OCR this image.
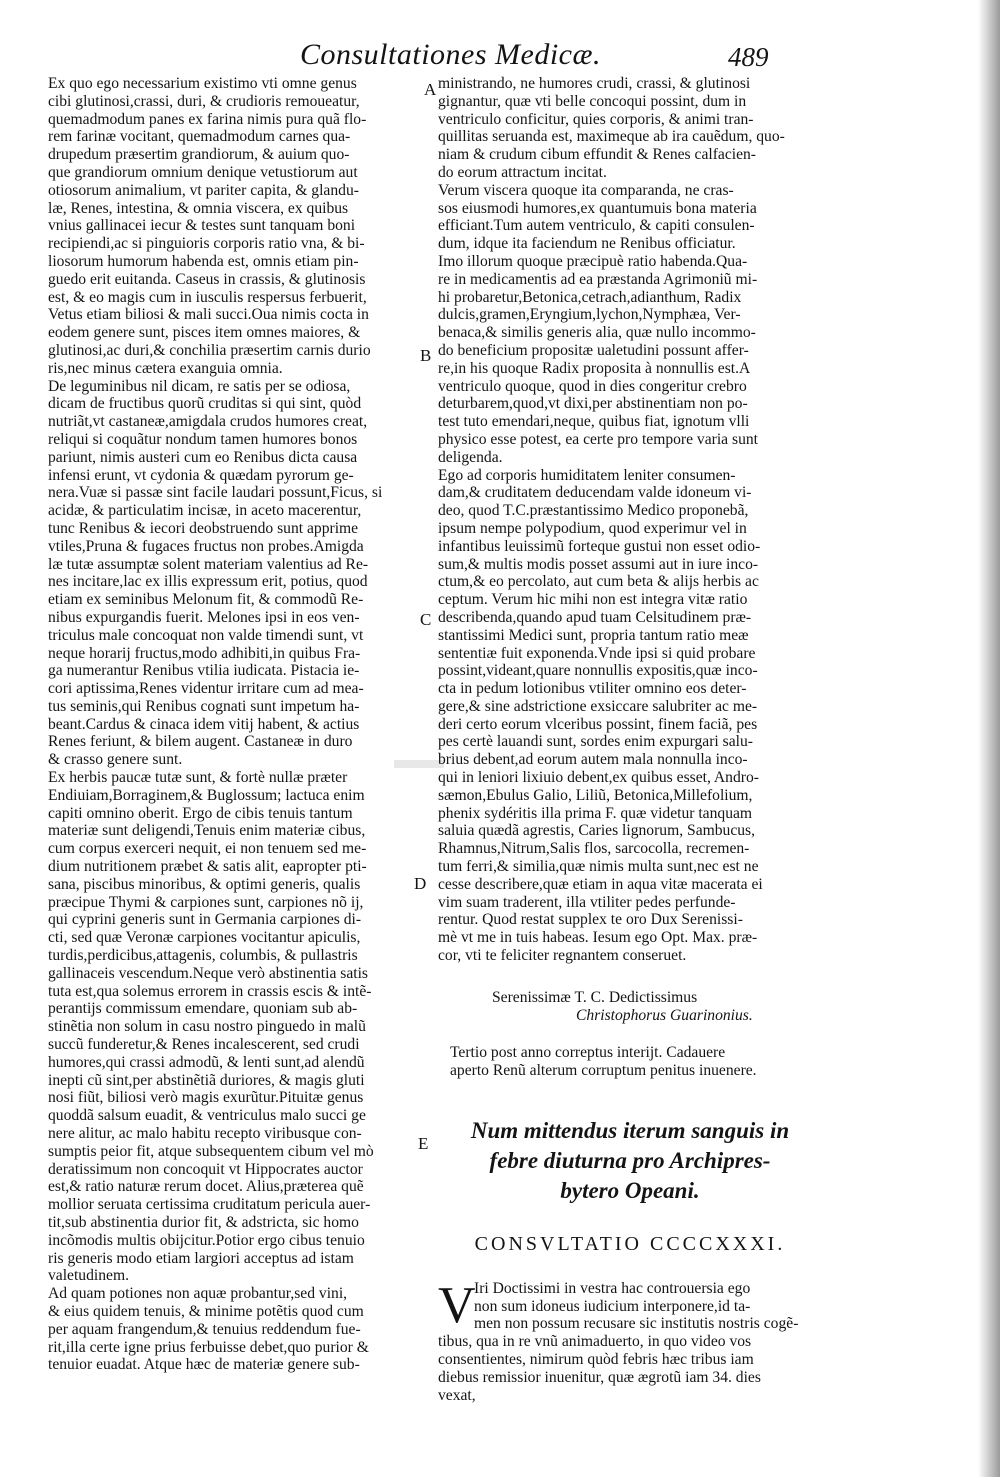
Consultationes Medicæ.	489
A
B
C
D
E
Ex quo ego necessarium existimo vti omne genus
cibi glutinosi,crassi, duri, & crudioris remoueatur,
quemadmodum panes ex farina nimis pura quã flo-
rem farinæ vocitant, quemadmodum carnes qua-
drupedum præsertim grandiorum, & auium quo-
que grandiorum omnium denique vetustiorum aut
otiosorum animalium, vt pariter capita, & glandu-
læ, Renes, intestina, & omnia viscera, ex quibus
vnius gallinacei iecur & testes sunt tanquam boni
recipiendi,ac si pinguioris corporis ratio vna, & bi-
liosorum humorum habenda est, omnis etiam pin-
guedo erit euitanda. Caseus in crassis, & glutinosis
est, & eo magis cum in iusculis respersus ferbuerit,
Vetus etiam biliosi & mali succi.Oua nimis cocta in
eodem genere sunt, pisces item omnes maiores, &
glutinosi,ac duri,& conchilia præsertim carnis durio
ris,nec minus cætera exanguia omnia.
De leguminibus nil dicam, re satis per se odiosa,
dicam de fructibus quorũ cruditas si qui sint, quòd
nutriãt,vt castaneæ,amigdala crudos humores creat,
reliqui si coquãtur nondum tamen humores bonos
pariunt, nimis austeri cum eo Renibus dicta causa
infensi erunt, vt cydonia & quædam pyrorum ge-
nera.Vuæ si passæ sint facile laudari possunt,Ficus, si
acidæ, & particulatim incisæ, in aceto macerentur,
tunc Renibus & iecori deobstruendo sunt apprime
vtiles,Pruna & fugaces fructus non probes.Amigda
læ tutæ assumptæ solent materiam valentius ad Re-
nes incitare,lac ex illis expressum erit, potius, quod
etiam ex seminibus Melonum fit, & commodũ Re-
nibus expurgandis fuerit. Melones ipsi in eos ven-
triculus male concoquat non valde timendi sunt, vt
neque horarij fructus,modo adhibiti,in quibus Fra-
ga numerantur Renibus vtilia iudicata. Pistacia ie-
cori aptissima,Renes videntur irritare cum ad mea-
tus seminis,qui Renibus cognati sunt impetum ha-
beant.Cardus & cinaca idem vitij habent, & actius
Renes feriunt, & bilem augent. Castaneæ in duro
& crasso genere sunt.
Ex herbis paucæ tutæ sunt, & fortè nullæ præter
Endiuiam,Borraginem,& Buglossum; lactuca enim
capiti omnino oberit. Ergo de cibis tenuis tantum
materiæ sunt deligendi,Tenuis enim materiæ cibus,
cum corpus exerceri nequit, ei non tenuem sed me-
dium nutritionem præbet & satis alit, eapropter pti-
sana, piscibus minoribus, & optimi generis, qualis
præcipue Thymi & carpiones sunt, carpiones nõ ij,
qui cyprini generis sunt in Germania carpiones di-
cti, sed quæ Veronæ carpiones vocitantur apiculis,
turdis,perdicibus,attagenis, columbis, & pullastris
gallinaceis vescendum.Neque verò abstinentia satis
tuta est,qua solemus errorem in crassis escis & intẽ-
perantijs commissum emendare, quoniam sub ab-
stinẽtia non solum in casu nostro pinguedo in malũ
succũ funderetur,& Renes incalescerent, sed crudi
humores,qui crassi admodũ, & lenti sunt,ad alendũ
inepti cũ sint,per abstinẽtiã duriores, & magis gluti
nosi fiũt, biliosi verò magis exurũtur.Pituitæ genus
quoddã salsum euadit, & ventriculus malo succi ge
nere alitur, ac malo habitu recepto viribusque con-
sumptis peior fit, atque subsequentem cibum vel mò
deratissimum non concoquit vt Hippocrates auctor
est,& ratio naturæ rerum docet. Alius,præterea quẽ
mollior seruata certissima cruditatum pericula auer-
tit,sub abstinentia durior fit, & adstricta, sic homo
incõmodis multis obijcitur.Potior ergo cibus tenuio
ris generis modo etiam largiori acceptus ad istam
valetudinem.
Ad quam potiones non aquæ probantur,sed vini,
& eius quidem tenuis, & minime potẽtis quod cum
per aquam frangendum,& tenuius reddendum fue-
rit,illa certe igne prius ferbuisse debet,quo purior &
tenuior euadat. Atque hæc de materiæ genere sub-
ministrando, ne humores crudi, crassi, & glutinosi
gignantur, quæ vti belle concoqui possint, dum in
ventriculo conficitur, quies corporis, & animi tran-
quillitas seruanda est, maximeque ab ira cauẽdum, quo-
niam & crudum cibum effundit & Renes calfacien-
do eorum attractum incitat.
Verum viscera quoque ita comparanda, ne cras-
sos eiusmodi humores,ex quantumuis bona materia
efficiant.Tum autem ventriculo, & capiti consulen-
dum, idque ita faciendum ne Renibus officiatur.
Imo illorum quoque præcipuè ratio habenda.Qua-
re in medicamentis ad ea præstanda Agrimoniũ mi-
hi probaretur,Betonica,cetrach,adianthum, Radix
dulcis,gramen,Eryngium,lychon,Nymphæa, Ver-
benaca,& similis generis alia, quæ nullo incommo-
do beneficium propositæ ualetudini possunt affer-
re,in his quoque Radix proposita à nonnullis est.A
ventriculo quoque, quod in dies congeritur crebro
deturbarem,quod,vt dixi,per abstinentiam non po-
test tuto emendari,neque, quibus fiat, ignotum vlli
physico esse potest, ea certe pro tempore varia sunt
deligenda.
Ego ad corporis humiditatem leniter consumen-
dam,& cruditatem deducendam valde idoneum vi-
deo, quod T.C.præstantissimo Medico proponebã,
ipsum nempe polypodium, quod experimur vel in
infantibus leuissimũ forteque gustui non esset odio-
sum,& multis modis posset assumi aut in iure inco-
ctum,& eo percolato, aut cum beta & alijs herbis ac
ceptum. Verum hic mihi non est integra vitæ ratio
describenda,quando apud tuam Celsitudinem præ-
stantissimi Medici sunt, propria tantum ratio meæ
sententiæ fuit exponenda.Vnde ipsi si quid probare
possint,videant,quare nonnullis expositis,quæ inco-
cta in pedum lotionibus vtiliter omnino eos deter-
gere,& sine adstrictione exsiccare salubriter ac me-
deri certo eorum vlceribus possint, finem faciã, pes
pes certè lauandi sunt, sordes enim expurgari salu-
brius debent,ad eorum autem mala nonnulla inco-
qui in leniori lixiuio debent,ex quibus esset, Andro-
sæmon,Ebulus Galio, Liliũ, Betonica,Millefolium,
phenix sydéritis illa prima F. quæ videtur tanquam
saluia quædã agrestis, Caries lignorum, Sambucus,
Rhamnus,Nitrum,Salis flos, sarcocolla, recremen-
tum ferri,& similia,quæ nimis multa sunt,nec est ne
cesse describere,quæ etiam in aqua vitæ macerata ei
vim suam traderent, illa vtiliter pedes perfunde-
rentur. Quod restat supplex te oro Dux Serenissi-
mè vt me in tuis habeas. Iesum ego Opt. Max. præ-
cor, vti te feliciter regnantem conseruet.
Serenissimæ T. C. Dedictissimus
Christophorus Guarinonius.
Tertio post anno correptus interijt. Cadauere
aperto Renũ alterum corruptum penitus inuenere.
Num mittendus iterum sanguis in
febre diuturna pro Archipres-
bytero Opeani.
CONSVLTATIO CCCCXXXI.
V
Iri Doctissimi in vestra hac controuersia ego
non sum idoneus iudicium interponere,id ta-
men non possum recusare sic institutis nostris cogẽ-
tibus, qua in re vnũ animaduerto, in quo video vos
consentientes, nimirum quòd febris hæc tribus iam
diebus remissior inuenitur, quæ ægrotũ iam 34. dies
vexat,
